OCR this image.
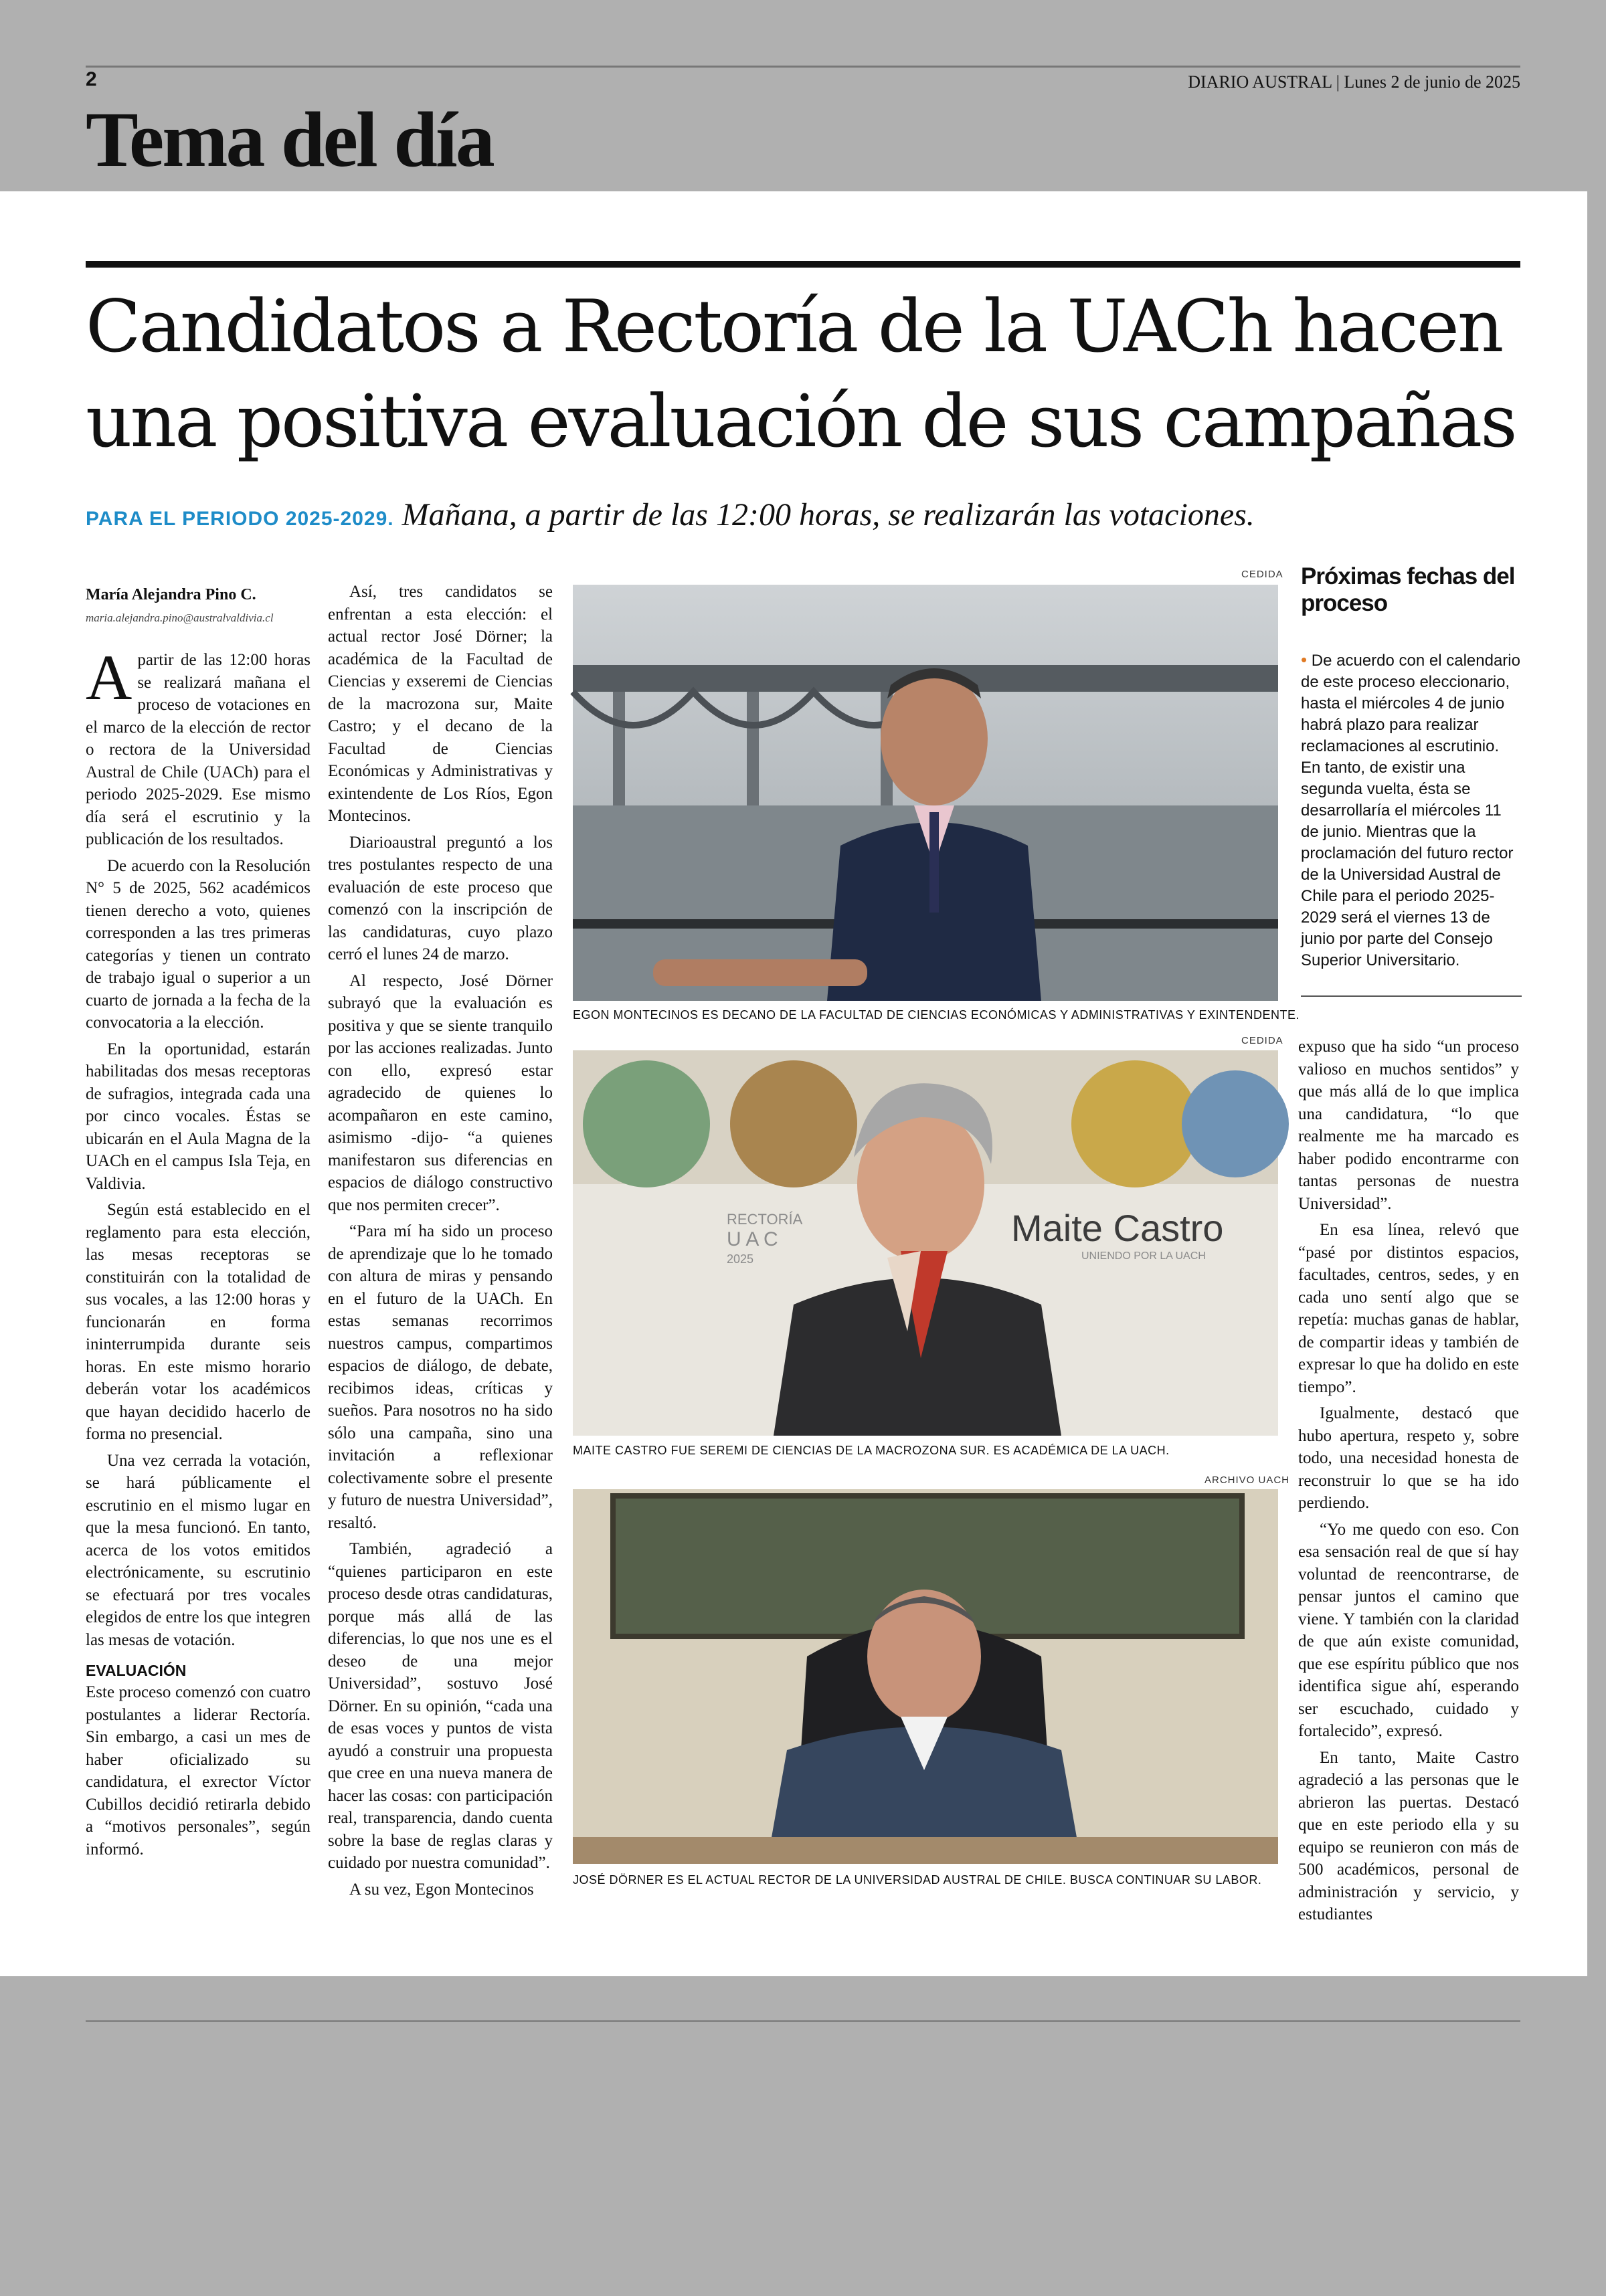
2	DIARIO AUSTRAL | Lunes 2 de junio de 2025
Tema del día
Candidatos a Rectoría de la UACh hacen
una positiva evaluación de sus campañas
PARA EL PERIODO 2025-2029. Mañana, a partir de las 12:00 horas, se realizarán las votaciones.
María Alejandra Pino C.
maria.alejandra.pino@australvaldivia.cl

Apartir de las 12:00 horas se realizará mañana el proceso de votaciones en el marco de la elección de rector o rectora de la Universidad Austral de Chile (UACh) para el periodo 2025-2029. Ese mismo día será el escrutinio y la publicación de los resultados.

De acuerdo con la Resolución N° 5 de 2025, 562 académicos tienen derecho a voto, quienes corresponden a las tres primeras categorías y tienen un contrato de trabajo igual o superior a un cuarto de jornada a la fecha de la convocatoria a la elección.

En la oportunidad, estarán habilitadas dos mesas receptoras de sufragios, integrada cada una por cinco vocales. Éstas se ubicarán en el Aula Magna de la UACh en el campus Isla Teja, en Valdivia.

Según está establecido en el reglamento para esta elección, las mesas receptoras se constituirán con la totalidad de sus vocales, a las 12:00 horas y funcionarán en forma ininterrumpida durante seis horas. En este mismo horario deberán votar los académicos que hayan decidido hacerlo de forma no presencial.

Una vez cerrada la votación, se hará públicamente el escrutinio en el mismo lugar en que la mesa funcionó. En tanto, acerca de los votos emitidos electrónicamente, su escrutinio se efectuará por tres vocales elegidos de entre los que integren las mesas de votación.

EVALUACIÓN

Este proceso comenzó con cuatro postulantes a liderar Rectoría. Sin embargo, a casi un mes de haber oficializado su candidatura, el exrector Víctor Cubillos decidió retirarla debido a “motivos personales”, según informó.

Así, tres candidatos se enfrentan a esta elección: el actual rector José Dörner; la académica de la Facultad de Ciencias y exseremi de Ciencias de la macrozona sur, Maite Castro; y el decano de la Facultad de Ciencias Económicas y Administrativas y exintendente de Los Ríos, Egon Montecinos.

Diarioaustral preguntó a los tres postulantes respecto de una evaluación de este proceso que comenzó con la inscripción de las candidaturas, cuyo plazo cerró el lunes 24 de marzo.

Al respecto, José Dörner subrayó que la evaluación es positiva y que se siente tranquilo por las acciones realizadas. Junto con ello, expresó estar agradecido de quienes lo acompañaron en este camino, asimismo -dijo- “a quienes manifestaron sus diferencias en espacios de diálogo constructivo que nos permiten crecer”.

“Para mí ha sido un proceso de aprendizaje que lo he tomado con altura de miras y pensando en el futuro de la UACh. En estas semanas recorrimos nuestros campus, compartimos espacios de diálogo, de debate, recibimos ideas, críticas y sueños. Para nosotros no ha sido sólo una campaña, sino una invitación a reflexionar colectivamente sobre el presente y futuro de nuestra Universidad”, resaltó.

También, agradeció a “quienes participaron en este proceso desde otras candidaturas, porque más allá de las diferencias, lo que nos une es el deseo de una mejor Universidad”, sostuvo José Dörner. En su opinión, “cada una de esas voces y puntos de vista ayudó a construir una propuesta que cree en una nueva manera de hacer las cosas: con participación real, transparencia, dando cuenta sobre la base de reglas claras y cuidado por nuestra comunidad”.

A su vez, Egon Montecinos

CEDIDA
EGON MONTECINOS ES DECANO DE LA FACULTAD DE CIENCIAS ECONÓMICAS Y ADMINISTRATIVAS Y EXINTENDENTE.
CEDIDA
RECTORÍA
U A C
2025
Maite Castro
UNIENDO POR LA UACH
MAITE CASTRO FUE SEREMI DE CIENCIAS DE LA MACROZONA SUR. ES ACADÉMICA DE LA UACH.
ARCHIVO UACH
JOSÉ DÖRNER ES EL ACTUAL RECTOR DE LA UNIVERSIDAD AUSTRAL DE CHILE. BUSCA CONTINUAR SU LABOR.
Próximas fechas del proceso
• De acuerdo con el calendario de este proceso eleccionario, hasta el miércoles 4 de junio habrá plazo para realizar reclamaciones al escrutinio. En tanto, de existir una segunda vuelta, ésta se desarrollaría el miércoles 11 de junio. Mientras que la proclamación del futuro rector de la Universidad Austral de Chile para el periodo 2025-2029 será el viernes 13 de junio por parte del Consejo Superior Universitario.

expuso que ha sido “un proceso valioso en muchos sentidos” y que más allá de lo que implica una candidatura, “lo que realmente me ha marcado es haber podido encontrarme con tantas personas de nuestra Universidad”.

En esa línea, relevó que “pasé por distintos espacios, facultades, centros, sedes, y en cada uno sentí algo que se repetía: muchas ganas de hablar, de compartir ideas y también de expresar lo que ha dolido en este tiempo”.

Igualmente, destacó que hubo apertura, respeto y, sobre todo, una necesidad honesta de reconstruir lo que se ha ido perdiendo.

“Yo me quedo con eso. Con esa sensación real de que sí hay voluntad de reencontrarse, de pensar juntos el camino que viene. Y también con la claridad de que aún existe comunidad, que ese espíritu público que nos identifica sigue ahí, esperando ser escuchado, cuidado y fortalecido”, expresó.

En tanto, Maite Castro agradeció a las personas que le abrieron las puertas. Destacó que en este periodo ella y su equipo se reunieron con más de 500 académicos, personal de administración y servicio, y estudiantes
